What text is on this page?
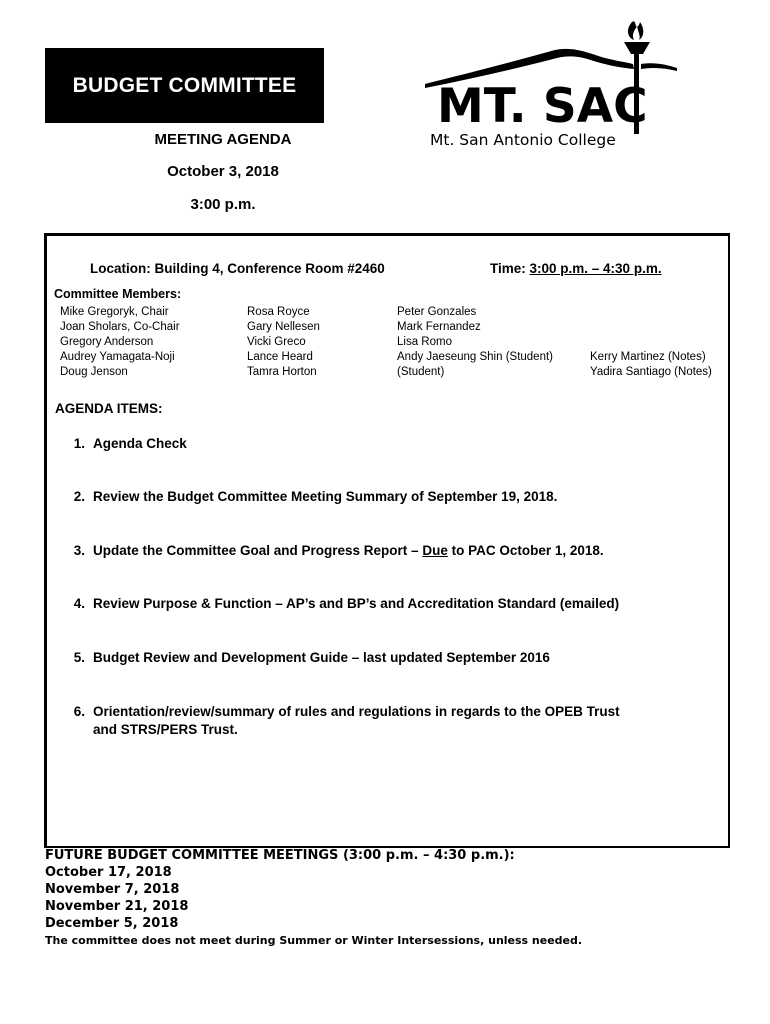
BUDGET COMMITTEE
MEETING AGENDA
October 3, 2018
3:00 p.m.
MT. SAC
Mt. San Antonio College
Location: Building 4, Conference Room #2460	Time: 3:00 p.m. – 4:30 p.m.
Committee Members:
Mike Gregoryk, Chair
Joan Sholars, Co-Chair
Gregory Anderson
Audrey Yamagata-Noji
Doug Jenson
Rosa Royce
Gary Nellesen
Vicki Greco
Lance Heard
Tamra Horton
Peter Gonzales
Mark Fernandez
Lisa Romo
Andy Jaeseung Shin (Student)
(Student)
Kerry Martinez (Notes)
Yadira Santiago (Notes)
AGENDA ITEMS:
1. Agenda Check
2. Review the Budget Committee Meeting Summary of September 19, 2018.
3. Update the Committee Goal and Progress Report – Due to PAC October 1, 2018.
4. Review Purpose & Function – AP’s and BP’s and Accreditation Standard (emailed)
5. Budget Review and Development Guide – last updated September 2016
6. Orientation/review/summary of rules and regulations in regards to the OPEB Trust
and STRS/PERS Trust.
FUTURE BUDGET COMMITTEE MEETINGS (3:00 p.m. – 4:30 p.m.):
October 17, 2018
November 7, 2018
November 21, 2018
December 5, 2018
The committee does not meet during Summer or Winter Intersessions, unless needed.
